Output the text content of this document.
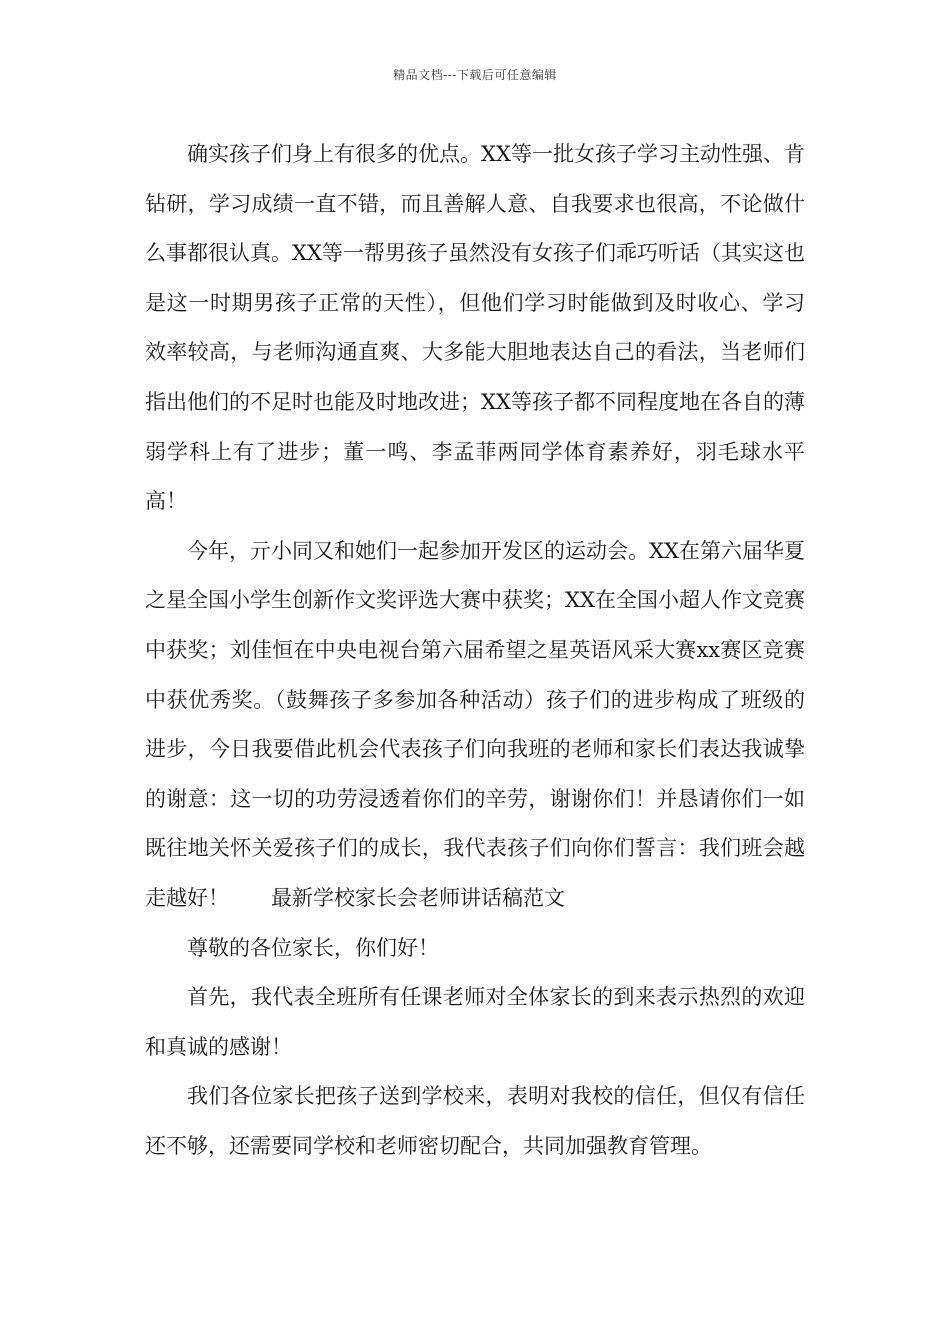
精品文档---下载后可任意编辑

确实孩子们身上有很多的优点。XX等一批女孩子学习主动性强、肯钻研，学习成绩一直不错，而且善解人意、自我要求也很高，不论做什么事都很认真。XX等一帮男孩子虽然没有女孩子们乖巧听话（其实这也是这一时期男孩子正常的天性），但他们学习时能做到及时收心、学习效率较高，与老师沟通直爽、大多能大胆地表达自己的看法，当老师们指出他们的不足时也能及时地改进；XX等孩子都不同程度地在各自的薄弱学科上有了进步；董一鸣、李孟菲两同学体育素养好，羽毛球水平高！

今年，亓小同又和她们一起参加开发区的运动会。XX在第六届华夏之星全国小学生创新作文奖评选大赛中获奖；XX在全国小超人作文竞赛中获奖；刘佳恒在中央电视台第六届希望之星英语风采大赛xx赛区竞赛中获优秀奖。（鼓舞孩子多参加各种活动）孩子们的进步构成了班级的进步，今日我要借此机会代表孩子们向我班的老师和家长们表达我诚挚的谢意：这一切的功劳浸透着你们的辛劳，谢谢你们！并恳请你们一如既往地关怀关爱孩子们的成长，我代表孩子们向你们誓言：我们班会越走越好！　　最新学校家长会老师讲话稿范文

尊敬的各位家长，你们好！

首先，我代表全班所有任课老师对全体家长的到来表示热烈的欢迎和真诚的感谢！

我们各位家长把孩子送到学校来，表明对我校的信任，但仅有信任还不够，还需要同学校和老师密切配合，共同加强教育管理。
